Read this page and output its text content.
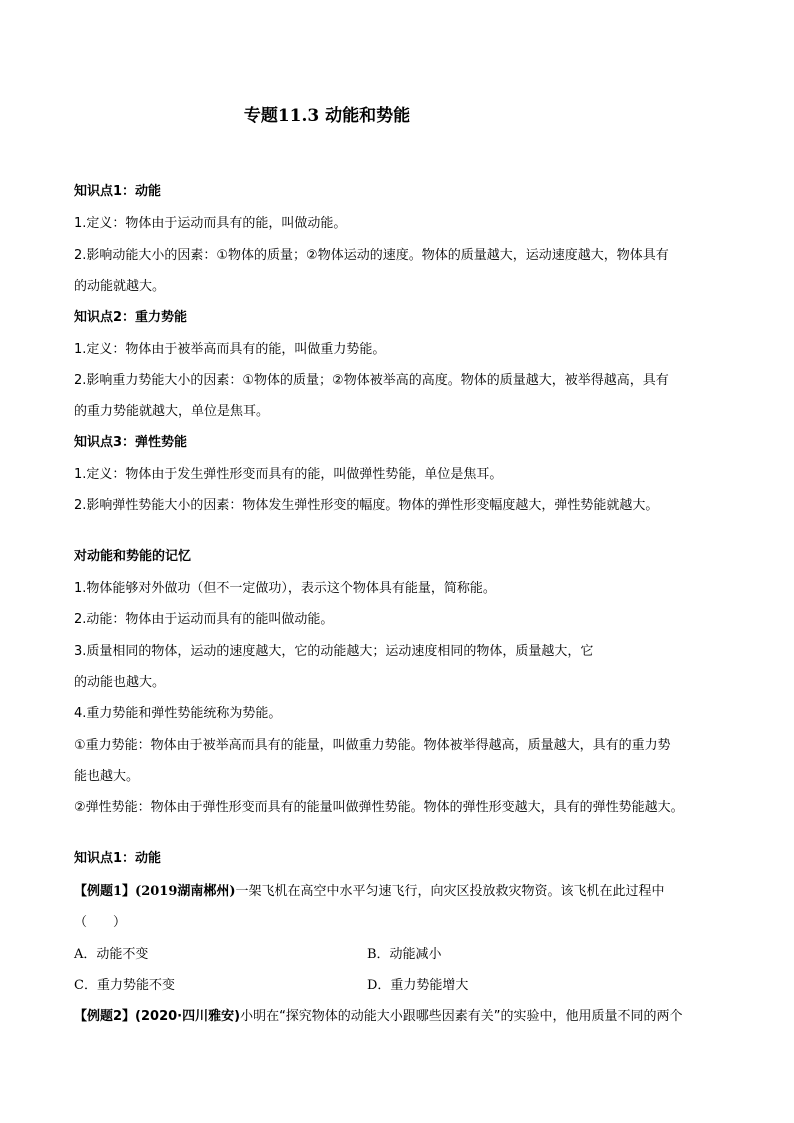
专题11.3 动能和势能
知识点1：动能
1.定义：物体由于运动而具有的能，叫做动能。
2.影响动能大小的因素：①物体的质量；②物体运动的速度。物体的质量越大，运动速度越大，物体具有
的动能就越大。
知识点2：重力势能
1.定义：物体由于被举高而具有的能，叫做重力势能。
2.影响重力势能大小的因素：①物体的质量；②物体被举高的高度。物体的质量越大，被举得越高，具有
的重力势能就越大，单位是焦耳。
知识点3：弹性势能
1.定义：物体由于发生弹性形变而具有的能，叫做弹性势能，单位是焦耳。
2.影响弹性势能大小的因素：物体发生弹性形变的幅度。物体的弹性形变幅度越大，弹性势能就越大。
对动能和势能的记忆
1.物体能够对外做功（但不一定做功），表示这个物体具有能量，简称能。
2.动能：物体由于运动而具有的能叫做动能。
3.质量相同的物体，运动的速度越大，它的动能越大；运动速度相同的物体，质量越大，它
的动能也越大。
4.重力势能和弹性势能统称为势能。
①重力势能：物体由于被举高而具有的能量，叫做重力势能。物体被举得越高，质量越大，具有的重力势
能也越大。
②弹性势能：物体由于弹性形变而具有的能量叫做弹性势能。物体的弹性形变越大，具有的弹性势能越大。
知识点1：动能
【例题1】(2019湖南郴州)一架飞机在高空中水平匀速飞行，向灾区投放救灾物资。该飞机在此过程中
（　　）
A．动能不变	B．动能减小
C．重力势能不变	D．重力势能增大
【例题2】(2020·四川雅安)小明在“探究物体的动能大小跟哪些因素有关”的实验中，他用质量不同的两个
